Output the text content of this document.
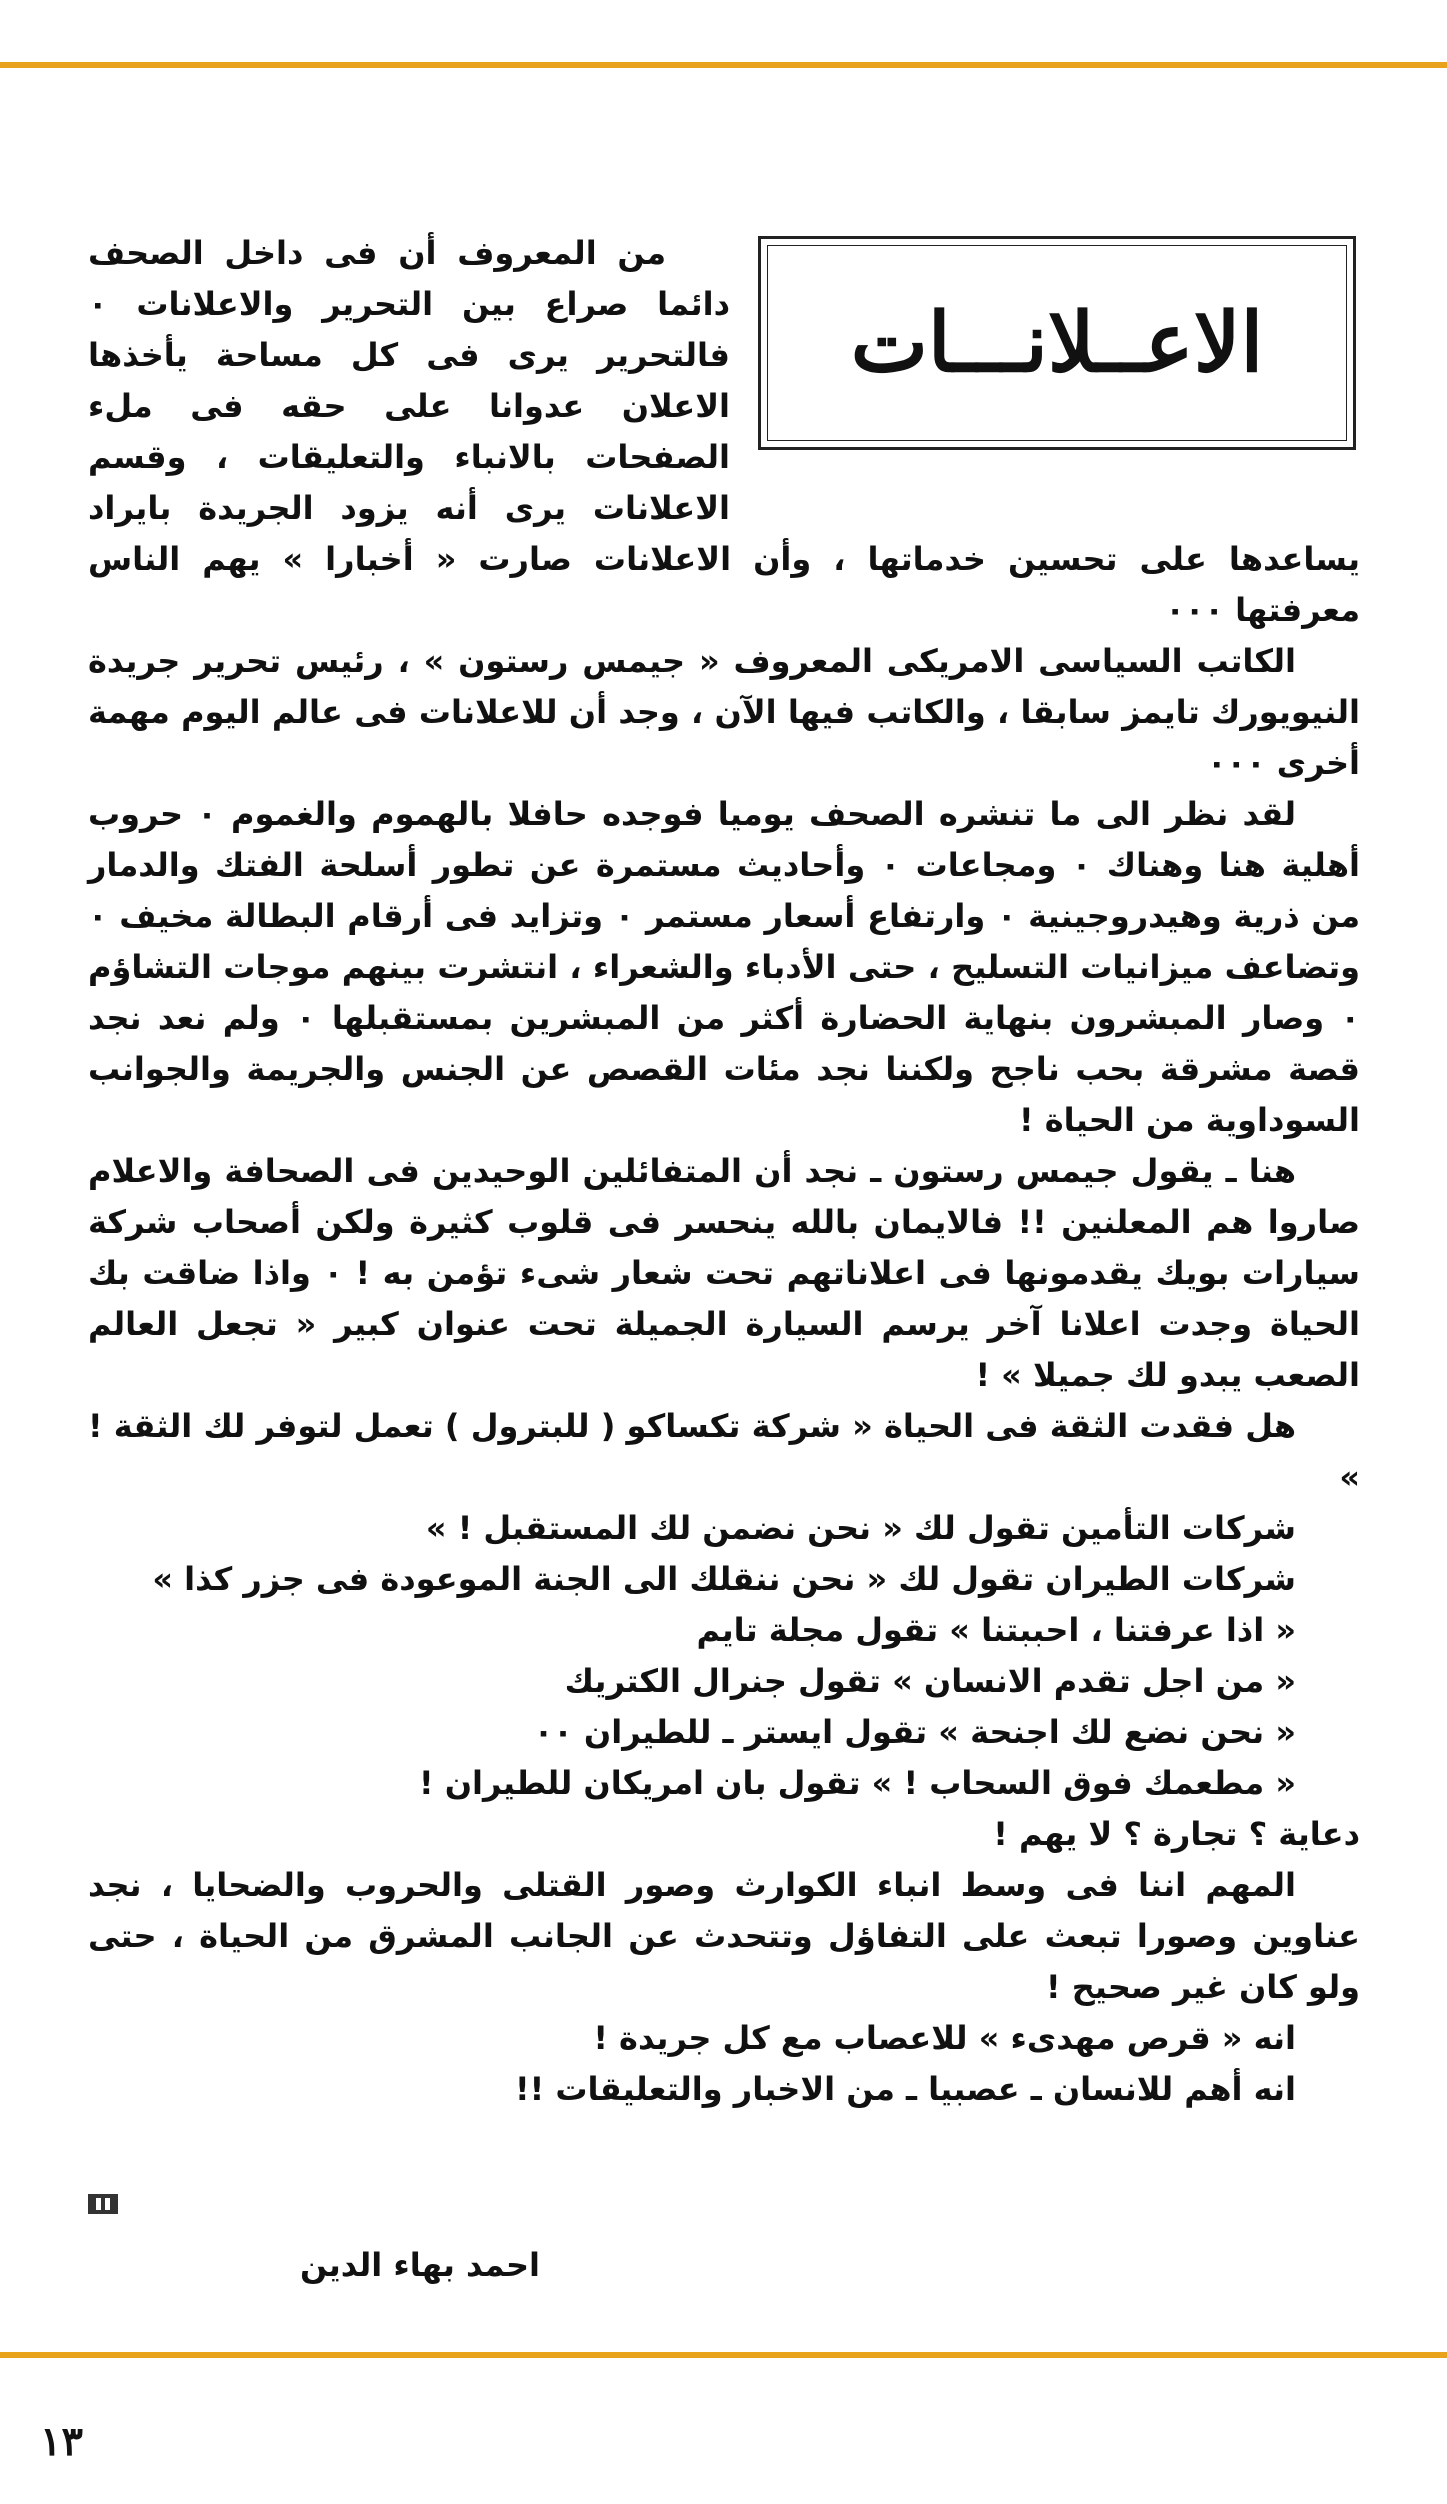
الاعــلانـــات

من المعروف أن فى داخل الصحف دائما صراع بين التحرير والاعلانات ٠ فالتحرير يرى فى كل مساحة يأخذها الاعلان عدوانا على حقه فى ملء الصفحات بالانباء والتعليقات ، وقسم الاعلانات يرى أنه يزود الجريدة بايراد يساعدها على تحسين خدماتها ، وأن الاعلانات صارت « أخبارا » يهم الناس معرفتها ٠٠٠

الكاتب السياسى الامريكى المعروف « جيمس رستون » ، رئيس تحرير جريدة النيويورك تايمز سابقا ، والكاتب فيها الآن ، وجد أن للاعلانات فى عالم اليوم مهمة أخرى ٠٠٠

لقد نظر الى ما تنشره الصحف يوميا فوجده حافلا بالهموم والغموم ٠ حروب أهلية هنا وهناك ٠ ومجاعات ٠ وأحاديث مستمرة عن تطور أسلحة الفتك والدمار من ذرية وهيدروجينية ٠ وارتفاع أسعار مستمر ٠ وتزايد فى أرقام البطالة مخيف ٠ وتضاعف ميزانيات التسليح ، حتى الأدباء والشعراء ، انتشرت بينهم موجات التشاؤم ٠ وصار المبشرون بنهاية الحضارة أكثر من المبشرين بمستقبلها ٠ ولم نعد نجد قصة مشرقة بحب ناجح ولكننا نجد مئات القصص عن الجنس والجريمة والجوانب السوداوية من الحياة !

هنا ـ يقول جيمس رستون ـ نجد أن المتفائلين الوحيدين فى الصحافة والاعلام صاروا هم المعلنين !! فالايمان بالله ينحسر فى قلوب كثيرة ولكن أصحاب شركة سيارات بويك يقدمونها فى اعلاناتهم تحت شعار شىء تؤمن به ! ٠ واذا ضاقت بك الحياة وجدت اعلانا آخر يرسم السيارة الجميلة تحت عنوان كبير « تجعل العالم الصعب يبدو لك جميلا » !

هل فقدت الثقة فى الحياة « شركة تكساكو ( للبترول ) تعمل لتوفر لك الثقة ! »

شركات التأمين تقول لك « نحن نضمن لك المستقبل ! »
شركات الطيران تقول لك « نحن ننقلك الى الجنة الموعودة فى جزر كذا »
« اذا عرفتنا ، احببتنا » تقول مجلة تايم
« من اجل تقدم الانسان » تقول جنرال الكتريك
« نحن نضع لك اجنحة » تقول ايستر ـ للطيران ٠٠
« مطعمك فوق السحاب ! » تقول بان امريكان للطيران !

دعاية ؟ تجارة ؟ لا يهم !

المهم اننا فى وسط انباء الكوارث وصور القتلى والحروب والضحايا ، نجد عناوين وصورا تبعث على التفاؤل وتتحدث عن الجانب المشرق من الحياة ، حتى ولو كان غير صحيح !

انه « قرص مهدىء » للاعصاب مع كل جريدة !
انه أهم للانسان ـ عصبيا ـ من الاخبار والتعليقات !!
احمد بهاء الدين
١٣
